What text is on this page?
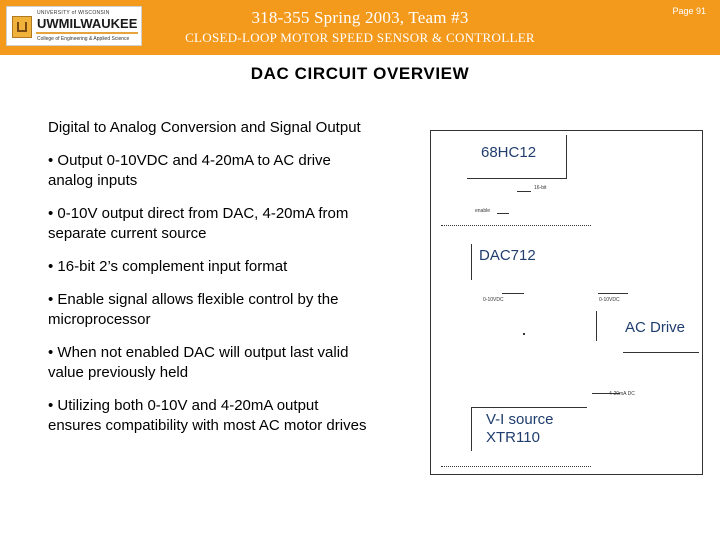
UNIVERSITY of WISCONSIN
UWMILWAUKEE
College of Engineering & Applied Science
318-355 Spring 2003, Team #3
CLOSED-LOOP MOTOR SPEED SENSOR & CONTROLLER
Page 91
DAC CIRCUIT OVERVIEW

Digital to Analog Conversion and Signal Output

• Output 0-10VDC and 4-20mA to AC drive analog inputs

• 0-10V output direct from DAC, 4-20mA from separate current source

• 16-bit 2’s complement input format

• Enable signal allows flexible control by the microprocessor

• When not enabled DAC will output last valid value previously held

• Utilizing both 0-10V and 4-20mA output ensures compatibility with most AC motor drives

68HC12
16-bit
enable
DAC712
0-10VDC	0-10VDC
AC Drive
4-20mA DC
V-I source
XTR110
